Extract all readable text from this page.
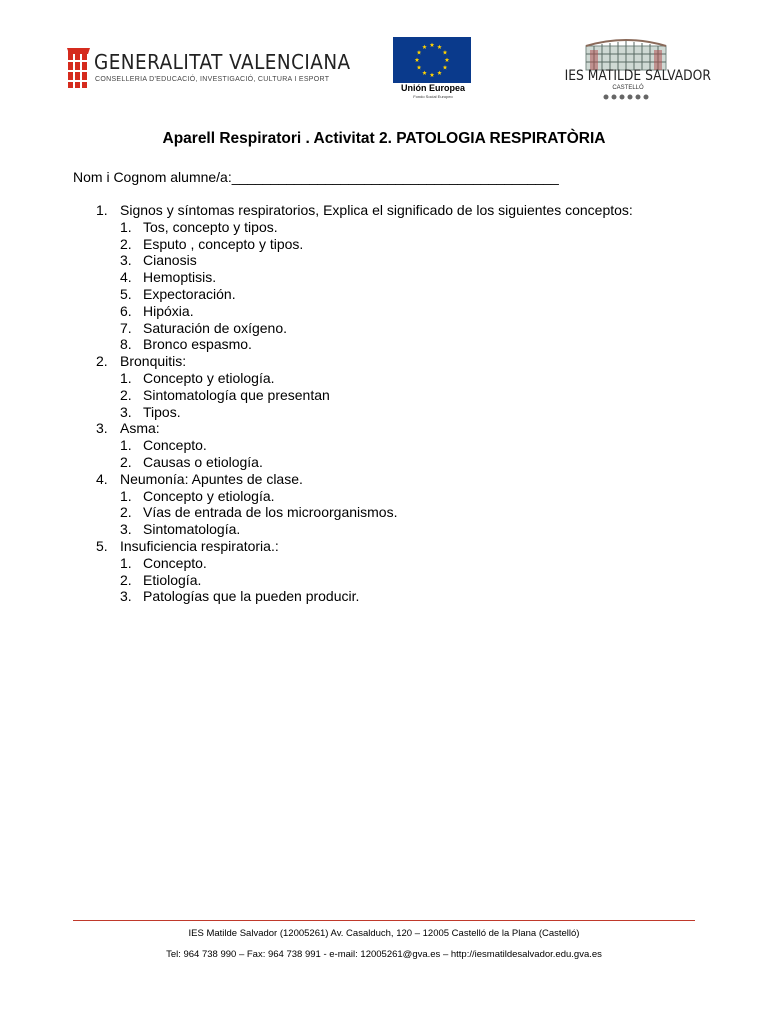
GENERALITAT VALENCIANA
CONSELLERIA D'EDUCACIÓ, INVESTIGACIÓ, CULTURA I ESPORT
Unión Europea
Fondo Social Europeo
IES MATILDE SALVADOR
CASTELLÓ
Aparell Respiratori . Activitat 2. PATOLOGIA RESPIRATÒRIA
Nom i Cognom alumne/a:__________________________________________
1. Signos y síntomas respiratorios, Explica el significado de los siguientes conceptos:
1. Tos, concepto y tipos.
2. Esputo , concepto y tipos.
3. Cianosis
4. Hemoptisis.
5. Expectoración.
6. Hipóxia.
7. Saturación de oxígeno.
8. Bronco espasmo.
2. Bronquitis:
1. Concepto y etiología.
2. Sintomatología que presentan
3. Tipos.
3. Asma:
1. Concepto.
2. Causas o etiología.
4. Neumonía: Apuntes de clase.
1. Concepto y etiología.
2. Vías de entrada de los microorganismos.
3. Sintomatología.
5. Insuficiencia respiratoria.:
1. Concepto.
2. Etiología.
3. Patologías que la pueden producir.
IES Matilde Salvador (12005261) Av. Casalduch, 120 – 12005 Castelló de la Plana (Castelló)
Tel: 964 738 990 – Fax: 964 738 991 - e-mail: 12005261@gva.es – http://iesmatildesalvador.edu.gva.es
